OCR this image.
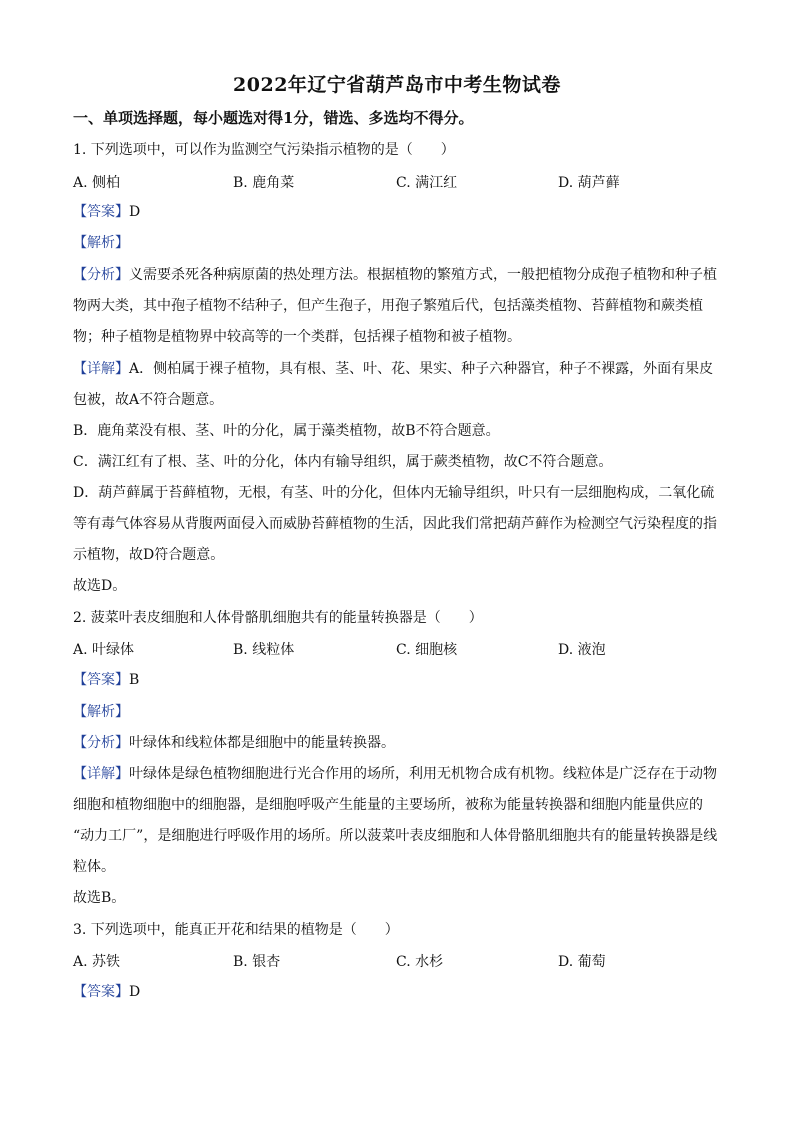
2022年辽宁省葫芦岛市中考生物试卷
一、单项选择题，每小题选对得1分，错选、多选均不得分。
1. 下列选项中，可以作为监测空气污染指示植物的是（　　）
A. 侧柏	B. 鹿角菜	C. 满江红	D. 葫芦藓
【答案】D
【解析】
【分析】义需要杀死各种病原菌的热处理方法。根据植物的繁殖方式，一般把植物分成孢子植物和种子植
物两大类，其中孢子植物不结种子，但产生孢子，用孢子繁殖后代，包括藻类植物、苔藓植物和蕨类植
物；种子植物是植物界中较高等的一个类群，包括裸子植物和被子植物。
【详解】A．侧柏属于裸子植物，具有根、茎、叶、花、果实、种子六种器官，种子不裸露，外面有果皮
包被，故A不符合题意。
B．鹿角菜没有根、茎、叶的分化，属于藻类植物，故B不符合题意。
C．满江红有了根、茎、叶的分化，体内有输导组织，属于蕨类植物，故C不符合题意。
D．葫芦藓属于苔藓植物，无根，有茎、叶的分化，但体内无输导组织，叶只有一层细胞构成，二氧化硫
等有毒气体容易从背腹两面侵入而威胁苔藓植物的生活，因此我们常把葫芦藓作为检测空气污染程度的指
示植物，故D符合题意。
故选D。
2. 菠菜叶表皮细胞和人体骨骼肌细胞共有的能量转换器是（　　）
A. 叶绿体	B. 线粒体	C. 细胞核	D. 液泡
【答案】B
【解析】
【分析】叶绿体和线粒体都是细胞中的能量转换器。
【详解】叶绿体是绿色植物细胞进行光合作用的场所，利用无机物合成有机物。线粒体是广泛存在于动物
细胞和植物细胞中的细胞器，是细胞呼吸产生能量的主要场所，被称为能量转换器和细胞内能量供应的
“动力工厂”，是细胞进行呼吸作用的场所。所以菠菜叶表皮细胞和人体骨骼肌细胞共有的能量转换器是线
粒体。
故选B。
3. 下列选项中，能真正开花和结果的植物是（　　）
A. 苏铁	B. 银杏	C. 水杉	D. 葡萄
【答案】D
